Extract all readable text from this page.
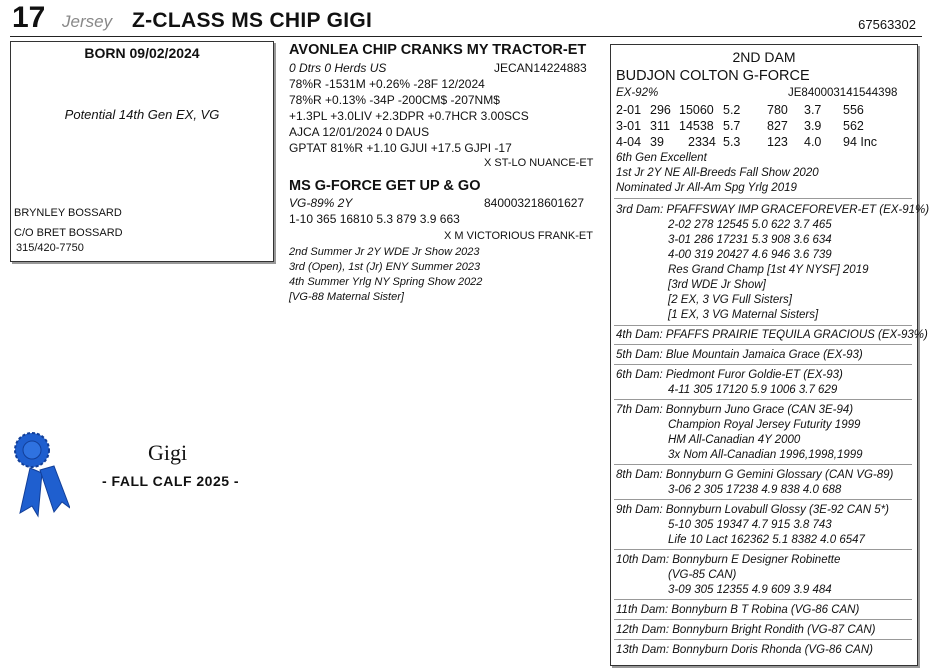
17 Jersey Z-CLASS MS CHIP GIGI	67563302
BORN 09/02/2024
Potential 14th Gen EX, VG
BRYNLEY BOSSARD
C/O BRET BOSSARD
315/420-7750
AVONLEA CHIP CRANKS MY TRACTOR-ET
0 Dtrs 0 Herds US	JECAN14224883
78%R -1531M +0.26% -28F 12/2024
78%R +0.13% -34P -200CM$ -207NM$
+1.3PL +3.0LIV +2.3DPR +0.7HCR 3.00SCS
AJCA 12/01/2024 0 DAUS
GPTAT 81%R +1.10 GJUI +17.5 GJPI -17
X ST-LO NUANCE-ET
MS G-FORCE GET UP & GO
VG-89% 2Y	840003218601627
1-10 365 16810 5.3 879 3.9 663
X M VICTORIOUS FRANK-ET
2nd Summer Jr 2Y WDE Jr Show 2023
3rd (Open), 1st (Jr) ENY Summer 2023
4th Summer Yrlg NY Spring Show 2022
[VG-88 Maternal Sister]
2ND DAM
BUDJON COLTON G-FORCE
EX-92%	JE840003141544398
2-01 296 15060 5.2 780 3.7 556
3-01 311 14538 5.7 827 3.9 562
4-04 39 2334 5.3 123 4.0 94 Inc
6th Gen Excellent
1st Jr 2Y NE All-Breeds Fall Show 2020
Nominated Jr All-Am Spg Yrlg 2019
3rd Dam: PFAFFSWAY IMP GRACEFOREVER-ET (EX-91%)
2-02 278 12545 5.0 622 3.7 465
3-01 286 17231 5.3 908 3.6 634
4-00 319 20427 4.6 946 3.6 739
Res Grand Champ [1st 4Y NYSF] 2019
[3rd WDE Jr Show]
[2 EX, 3 VG Full Sisters]
[1 EX, 3 VG Maternal Sisters]
4th Dam: PFAFFS PRAIRIE TEQUILA GRACIOUS (EX-93%)
5th Dam: Blue Mountain Jamaica Grace (EX-93)
6th Dam: Piedmont Furor Goldie-ET (EX-93)
4-11 305 17120 5.9 1006 3.7 629
7th Dam: Bonnyburn Juno Grace (CAN 3E-94)
Champion Royal Jersey Futurity 1999
HM All-Canadian 4Y 2000
3x Nom All-Canadian 1996,1998,1999
8th Dam: Bonnyburn G Gemini Glossary (CAN VG-89)
3-06 2 305 17238 4.9 838 4.0 688
9th Dam: Bonnyburn Lovabull Glossy (3E-92 CAN 5*)
5-10 305 19347 4.7 915 3.8 743
Life 10 Lact 162362 5.1 8382 4.0 6547
10th Dam: Bonnyburn E Designer Robinette
(VG-85 CAN)
3-09 305 12355 4.9 609 3.9 484
11th Dam: Bonnyburn B T Robina (VG-86 CAN)
12th Dam: Bonnyburn Bright Rondith (VG-87 CAN)
13th Dam: Bonnyburn Doris Rhonda (VG-86 CAN)
Gigi
- FALL CALF 2025 -
